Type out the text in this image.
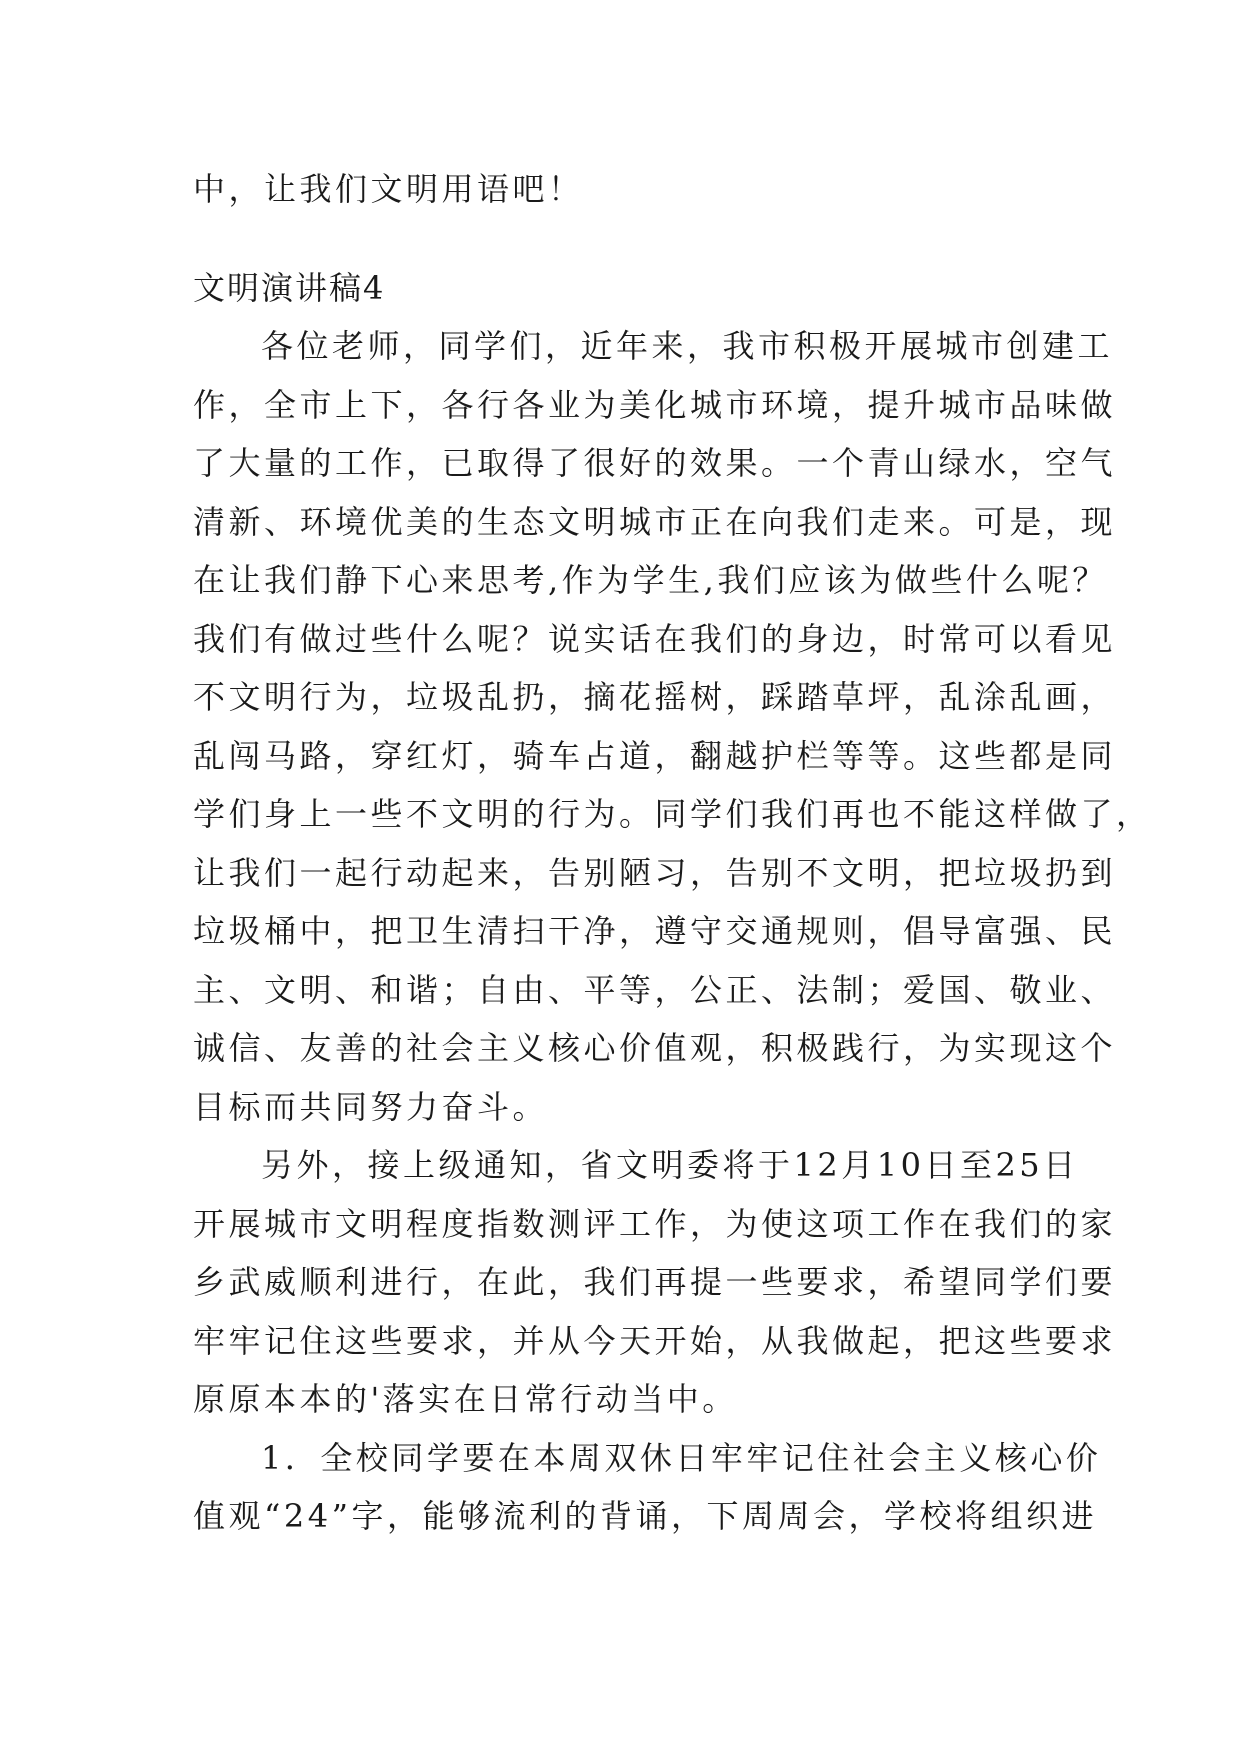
中，让我们文明用语吧！
文明演讲稿4
各位老师，同学们，近年来，我市积极开展城市创建工
作，全市上下，各行各业为美化城市环境，提升城市品味做
了大量的工作，已取得了很好的效果。一个青山绿水，空气
清新、环境优美的生态文明城市正在向我们走来。可是，现
在让我们静下心来思考,作为学生,我们应该为做些什么呢？
我们有做过些什么呢？说实话在我们的身边，时常可以看见
不文明行为，垃圾乱扔，摘花摇树，踩踏草坪，乱涂乱画，
乱闯马路，穿红灯，骑车占道，翻越护栏等等。这些都是同
学们身上一些不文明的行为。同学们我们再也不能这样做了，
让我们一起行动起来，告别陋习，告别不文明，把垃圾扔到
垃圾桶中，把卫生清扫干净，遵守交通规则，倡导富强、民
主、文明、和谐；自由、平等，公正、法制；爱国、敬业、
诚信、友善的社会主义核心价值观，积极践行，为实现这个
目标而共同努力奋斗。
另外，接上级通知，省文明委将于12月10日至25日
开展城市文明程度指数测评工作，为使这项工作在我们的家
乡武威顺利进行，在此，我们再提一些要求，希望同学们要
牢牢记住这些要求，并从今天开始，从我做起，把这些要求
原原本本的'落实在日常行动当中。
1．全校同学要在本周双休日牢牢记住社会主义核心价
值观“24”字，能够流利的背诵，下周周会，学校将组织进
